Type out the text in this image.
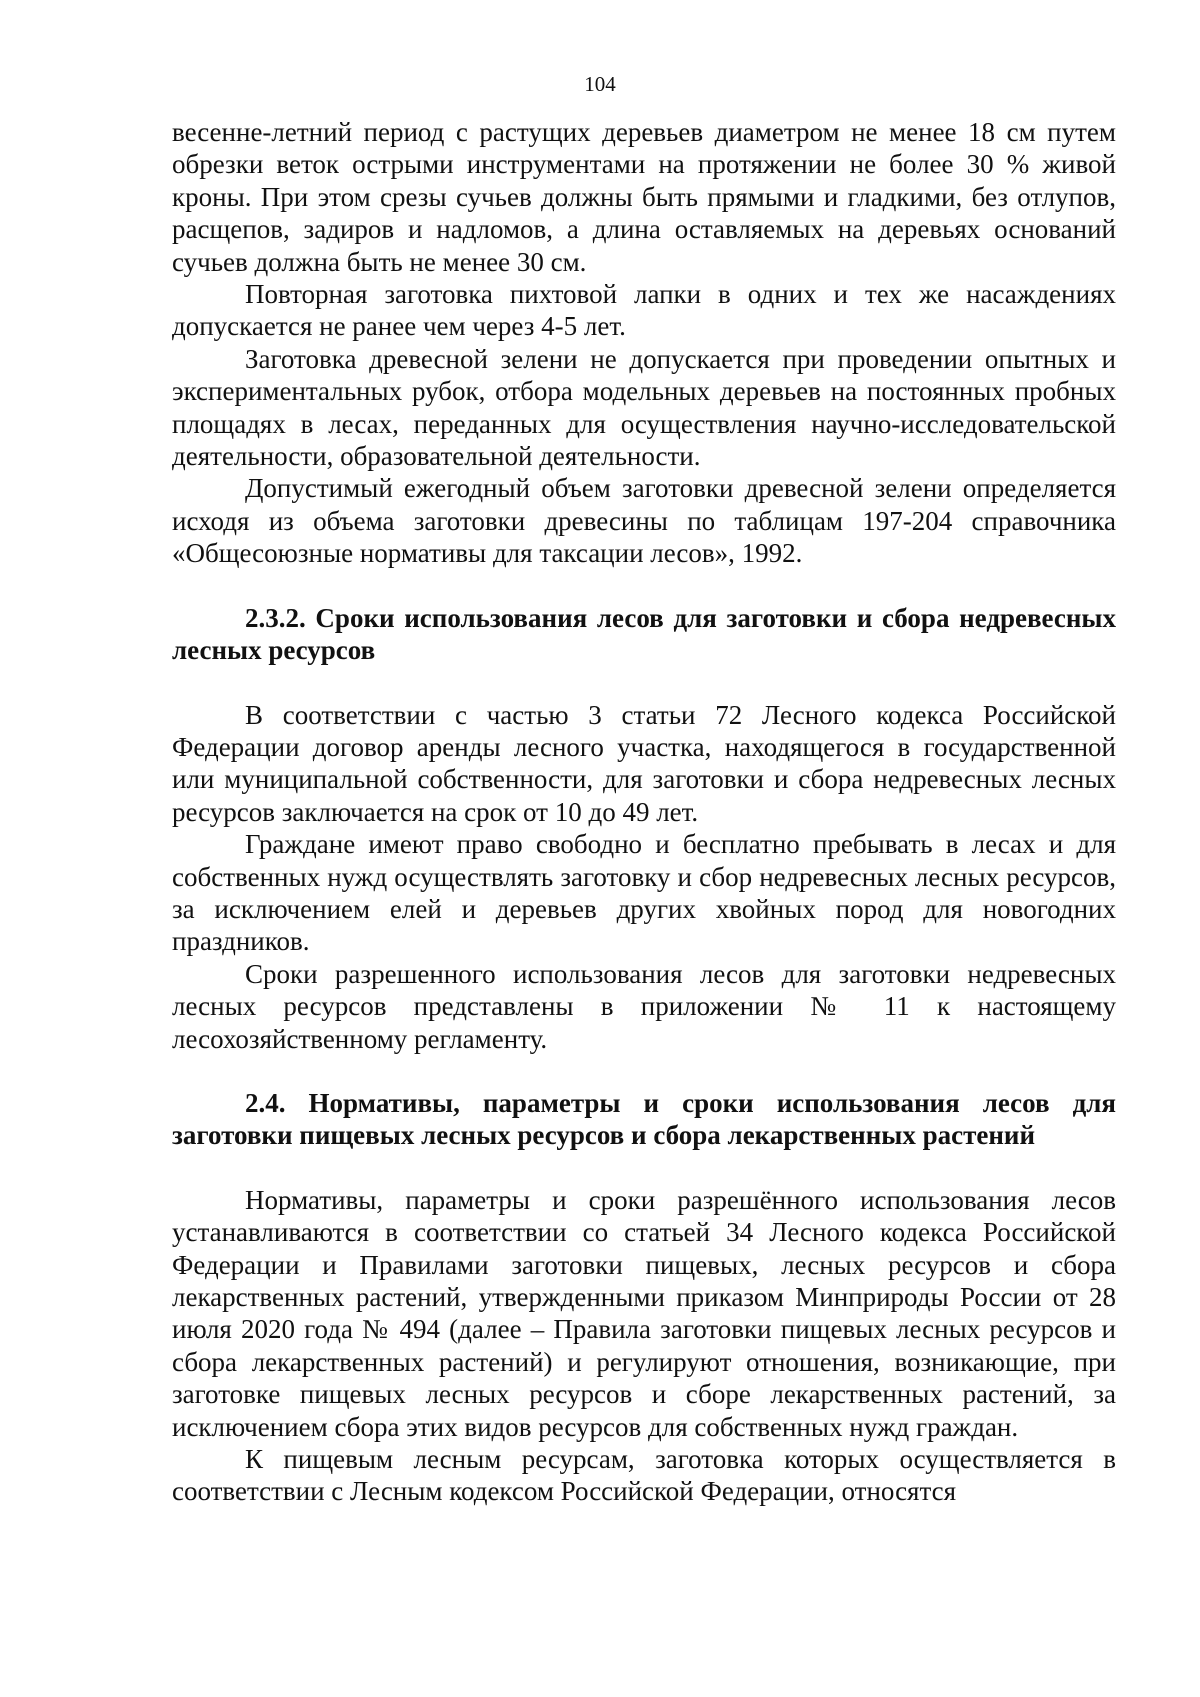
104

весенне-летний период с растущих деревьев диаметром не менее 18 см путем обрезки веток острыми инструментами на протяжении не более 30 % живой кроны. При этом срезы сучьев должны быть прямыми и гладкими, без отлупов, расщепов, задиров и надломов, а длина оставляемых на деревьях оснований сучьев должна быть не менее 30 см.

Повторная заготовка пихтовой лапки в одних и тех же насаждениях допускается не ранее чем через 4-5 лет.

Заготовка древесной зелени не допускается при проведении опытных и экспериментальных рубок, отбора модельных деревьев на постоянных пробных площадях в лесах, переданных для осуществления научно-исследовательской деятельности, образовательной деятельности.

Допустимый ежегодный объем заготовки древесной зелени определяется исходя из объема заготовки древесины по таблицам 197-204 справочника «Общесоюзные нормативы для таксации лесов», 1992.

2.3.2. Сроки использования лесов для заготовки и сбора недревесных лесных ресурсов

В соответствии с частью 3 статьи 72 Лесного кодекса Российской Федерации договор аренды лесного участка, находящегося в государственной или муниципальной собственности, для заготовки и сбора недревесных лесных ресурсов заключается на срок от 10 до 49 лет.

Граждане имеют право свободно и бесплатно пребывать в лесах и для собственных нужд осуществлять заготовку и сбор недревесных лесных ресурсов, за исключением елей и деревьев других хвойных пород для новогодних праздников.

Сроки разрешенного использования лесов для заготовки недревесных лесных ресурсов представлены в приложении № 11 к настоящему лесохозяйственному регламенту.

2.4. Нормативы, параметры и сроки использования лесов для заготовки пищевых лесных ресурсов и сбора лекарственных растений

Нормативы, параметры и сроки разрешённого использования лесов устанавливаются в соответствии со статьей 34 Лесного кодекса Российской Федерации и Правилами заготовки пищевых, лесных ресурсов и сбора лекарственных растений, утвержденными приказом Минприроды России от 28 июля 2020 года № 494 (далее – Правила заготовки пищевых лесных ресурсов и сбора лекарственных растений) и регулируют отношения, возникающие, при заготовке пищевых лесных ресурсов и сборе лекарственных растений, за исключением сбора этих видов ресурсов для собственных нужд граждан.

К пищевым лесным ресурсам, заготовка которых осуществляется в соответствии с Лесным кодексом Российской Федерации, относятся
